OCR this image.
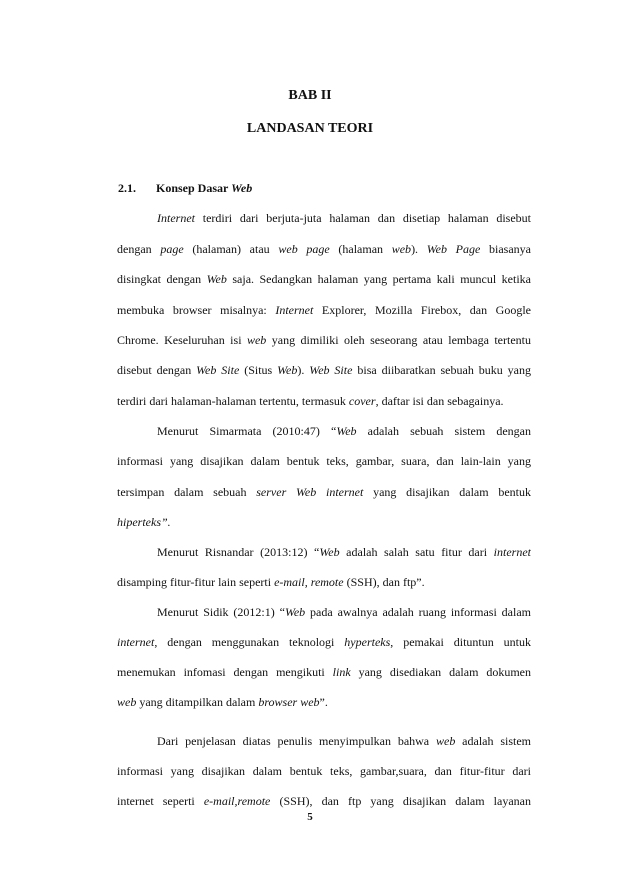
BAB II
LANDASAN TEORI
2.1. Konsep Dasar Web
Internet terdiri dari berjuta-juta halaman dan disetiap halaman disebut
dengan page (halaman) atau web page (halaman web). Web Page biasanya
disingkat dengan Web saja. Sedangkan halaman yang pertama kali muncul ketika
membuka browser misalnya: Internet Explorer, Mozilla Firebox, dan Google
Chrome. Keseluruhan isi web yang dimiliki oleh seseorang atau lembaga tertentu
disebut dengan Web Site (Situs Web). Web Site bisa diibaratkan sebuah buku yang
terdiri dari halaman-halaman tertentu, termasuk cover, daftar isi dan sebagainya.
Menurut Simarmata (2010:47) “Web adalah sebuah sistem dengan
informasi yang disajikan dalam bentuk teks, gambar, suara, dan lain-lain yang
tersimpan dalam sebuah server Web internet yang disajikan dalam bentuk
hiperteks”.
Menurut Risnandar (2013:12) “Web adalah salah satu fitur dari internet
disamping fitur-fitur lain seperti e-mail, remote (SSH), dan ftp”.
Menurut Sidik (2012:1) “Web pada awalnya adalah ruang informasi dalam
internet, dengan menggunakan teknologi hyperteks, pemakai dituntun untuk
menemukan infomasi dengan mengikuti link yang disediakan dalam dokumen
web yang ditampilkan dalam browser web”.
Dari penjelasan diatas penulis menyimpulkan bahwa web adalah sistem
informasi yang disajikan dalam bentuk teks, gambar,suara, dan fitur-fitur dari
internet seperti e-mail,remote (SSH), dan ftp yang disajikan dalam layanan
5
